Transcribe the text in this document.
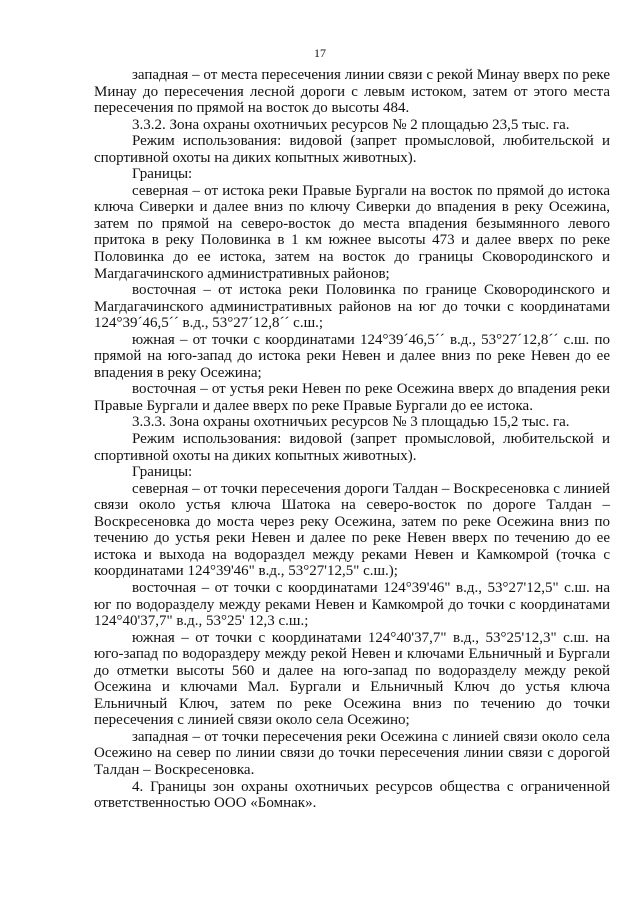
17

западная – от места пересечения линии связи с рекой Минау вверх по реке Минау до пересечения лесной дороги с левым истоком, затем от этого места пересечения по прямой на восток до высоты 484.

3.3.2. Зона охраны охотничьих ресурсов № 2 площадью 23,5 тыс. га.

Режим использования: видовой (запрет промысловой, любительской и спортивной охоты на диких копытных животных).

Границы:

северная – от истока реки Правые Бургали на восток по прямой до истока ключа Сиверки и далее вниз по ключу Сиверки до впадения в реку Осежина, затем по прямой на северо-восток до места впадения безымянного левого притока в реку Половинка в 1 км южнее высоты 473 и далее вверх по реке Половинка до ее истока, затем на восток до границы Сковородинского и Магдагачинского административных районов;

восточная – от истока реки Половинка по границе Сковородинского и Магдагачинского административных районов на юг до точки с координатами 124°39´46,5´´ в.д., 53°27´12,8´´ с.ш.;

южная – от точки с координатами 124°39´46,5´´ в.д., 53°27´12,8´´ с.ш. по прямой на юго-запад до истока реки Невен и далее вниз по реке Невен до ее впадения в реку Осежина;

восточная – от устья реки Невен по реке Осежина вверх до впадения реки Правые Бургали и далее вверх по реке Правые Бургали до ее истока.

3.3.3. Зона охраны охотничьих ресурсов № 3 площадью 15,2 тыс. га.

Режим использования: видовой (запрет промысловой, любительской и спортивной охоты на диких копытных животных).

Границы:

северная – от точки пересечения дороги Талдан – Воскресеновка с линией связи около устья ключа Шатока на северо-восток по дороге Талдан – Воскресеновка до моста через реку Осежина, затем по реке Осежина вниз по течению до устья реки Невен и далее по реке Невен вверх по течению до ее истока и выхода на водораздел между реками Невен и Камкомрой (точка с координатами 124°39'46" в.д., 53°27'12,5" с.ш.);

восточная – от точки с координатами 124°39'46" в.д., 53°27'12,5" с.ш. на юг по водоразделу между реками Невен и Камкомрой до точки с координатами 124°40'37,7" в.д., 53°25' 12,3 с.ш.;

южная – от точки с координатами 124°40'37,7" в.д., 53°25'12,3" с.ш. на юго-запад по водораздеру между рекой Невен и ключами Ельничный и Бургали до отметки высоты 560 и далее на юго-запад по водоразделу между рекой Осежина и ключами Мал. Бургали и Ельничный Ключ до устья ключа Ельничный Ключ, затем по реке Осежина вниз по течению до точки пересечения с линией связи около села Осежино;

западная – от точки пересечения реки Осежина с линией связи около села Осежино на север по линии связи до точки пересечения линии связи с дорогой Талдан – Воскресеновка.

4. Границы зон охраны охотничьих ресурсов общества с ограниченной ответственностью ООО «Бомнак».
